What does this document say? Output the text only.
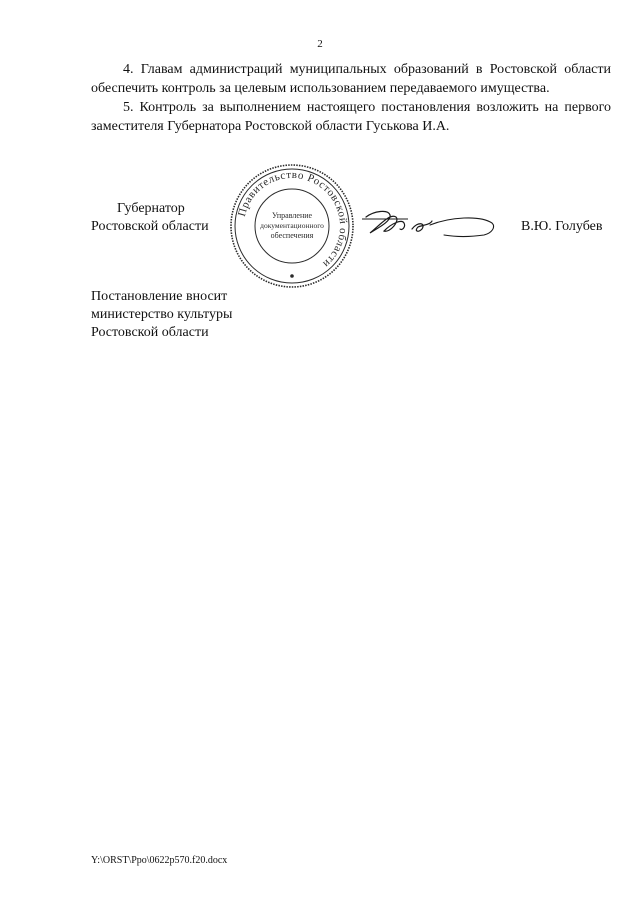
2

4. Главам администраций муниципальных образований в Ростовской области обеспечить контроль за целевым использованием передаваемого имущества.

5. Контроль за выполнением настоящего постановления возложить на первого заместителя Губернатора Ростовской области Гуськова И.А.

Губернатор
Ростовской области
Правительство Ростовской области
Управление
документационного
обеспечения
В.Ю. Голубев
Постановление вносит
министерство культуры
Ростовской области
Y:\ORST\Ppo\0622p570.f20.docx
